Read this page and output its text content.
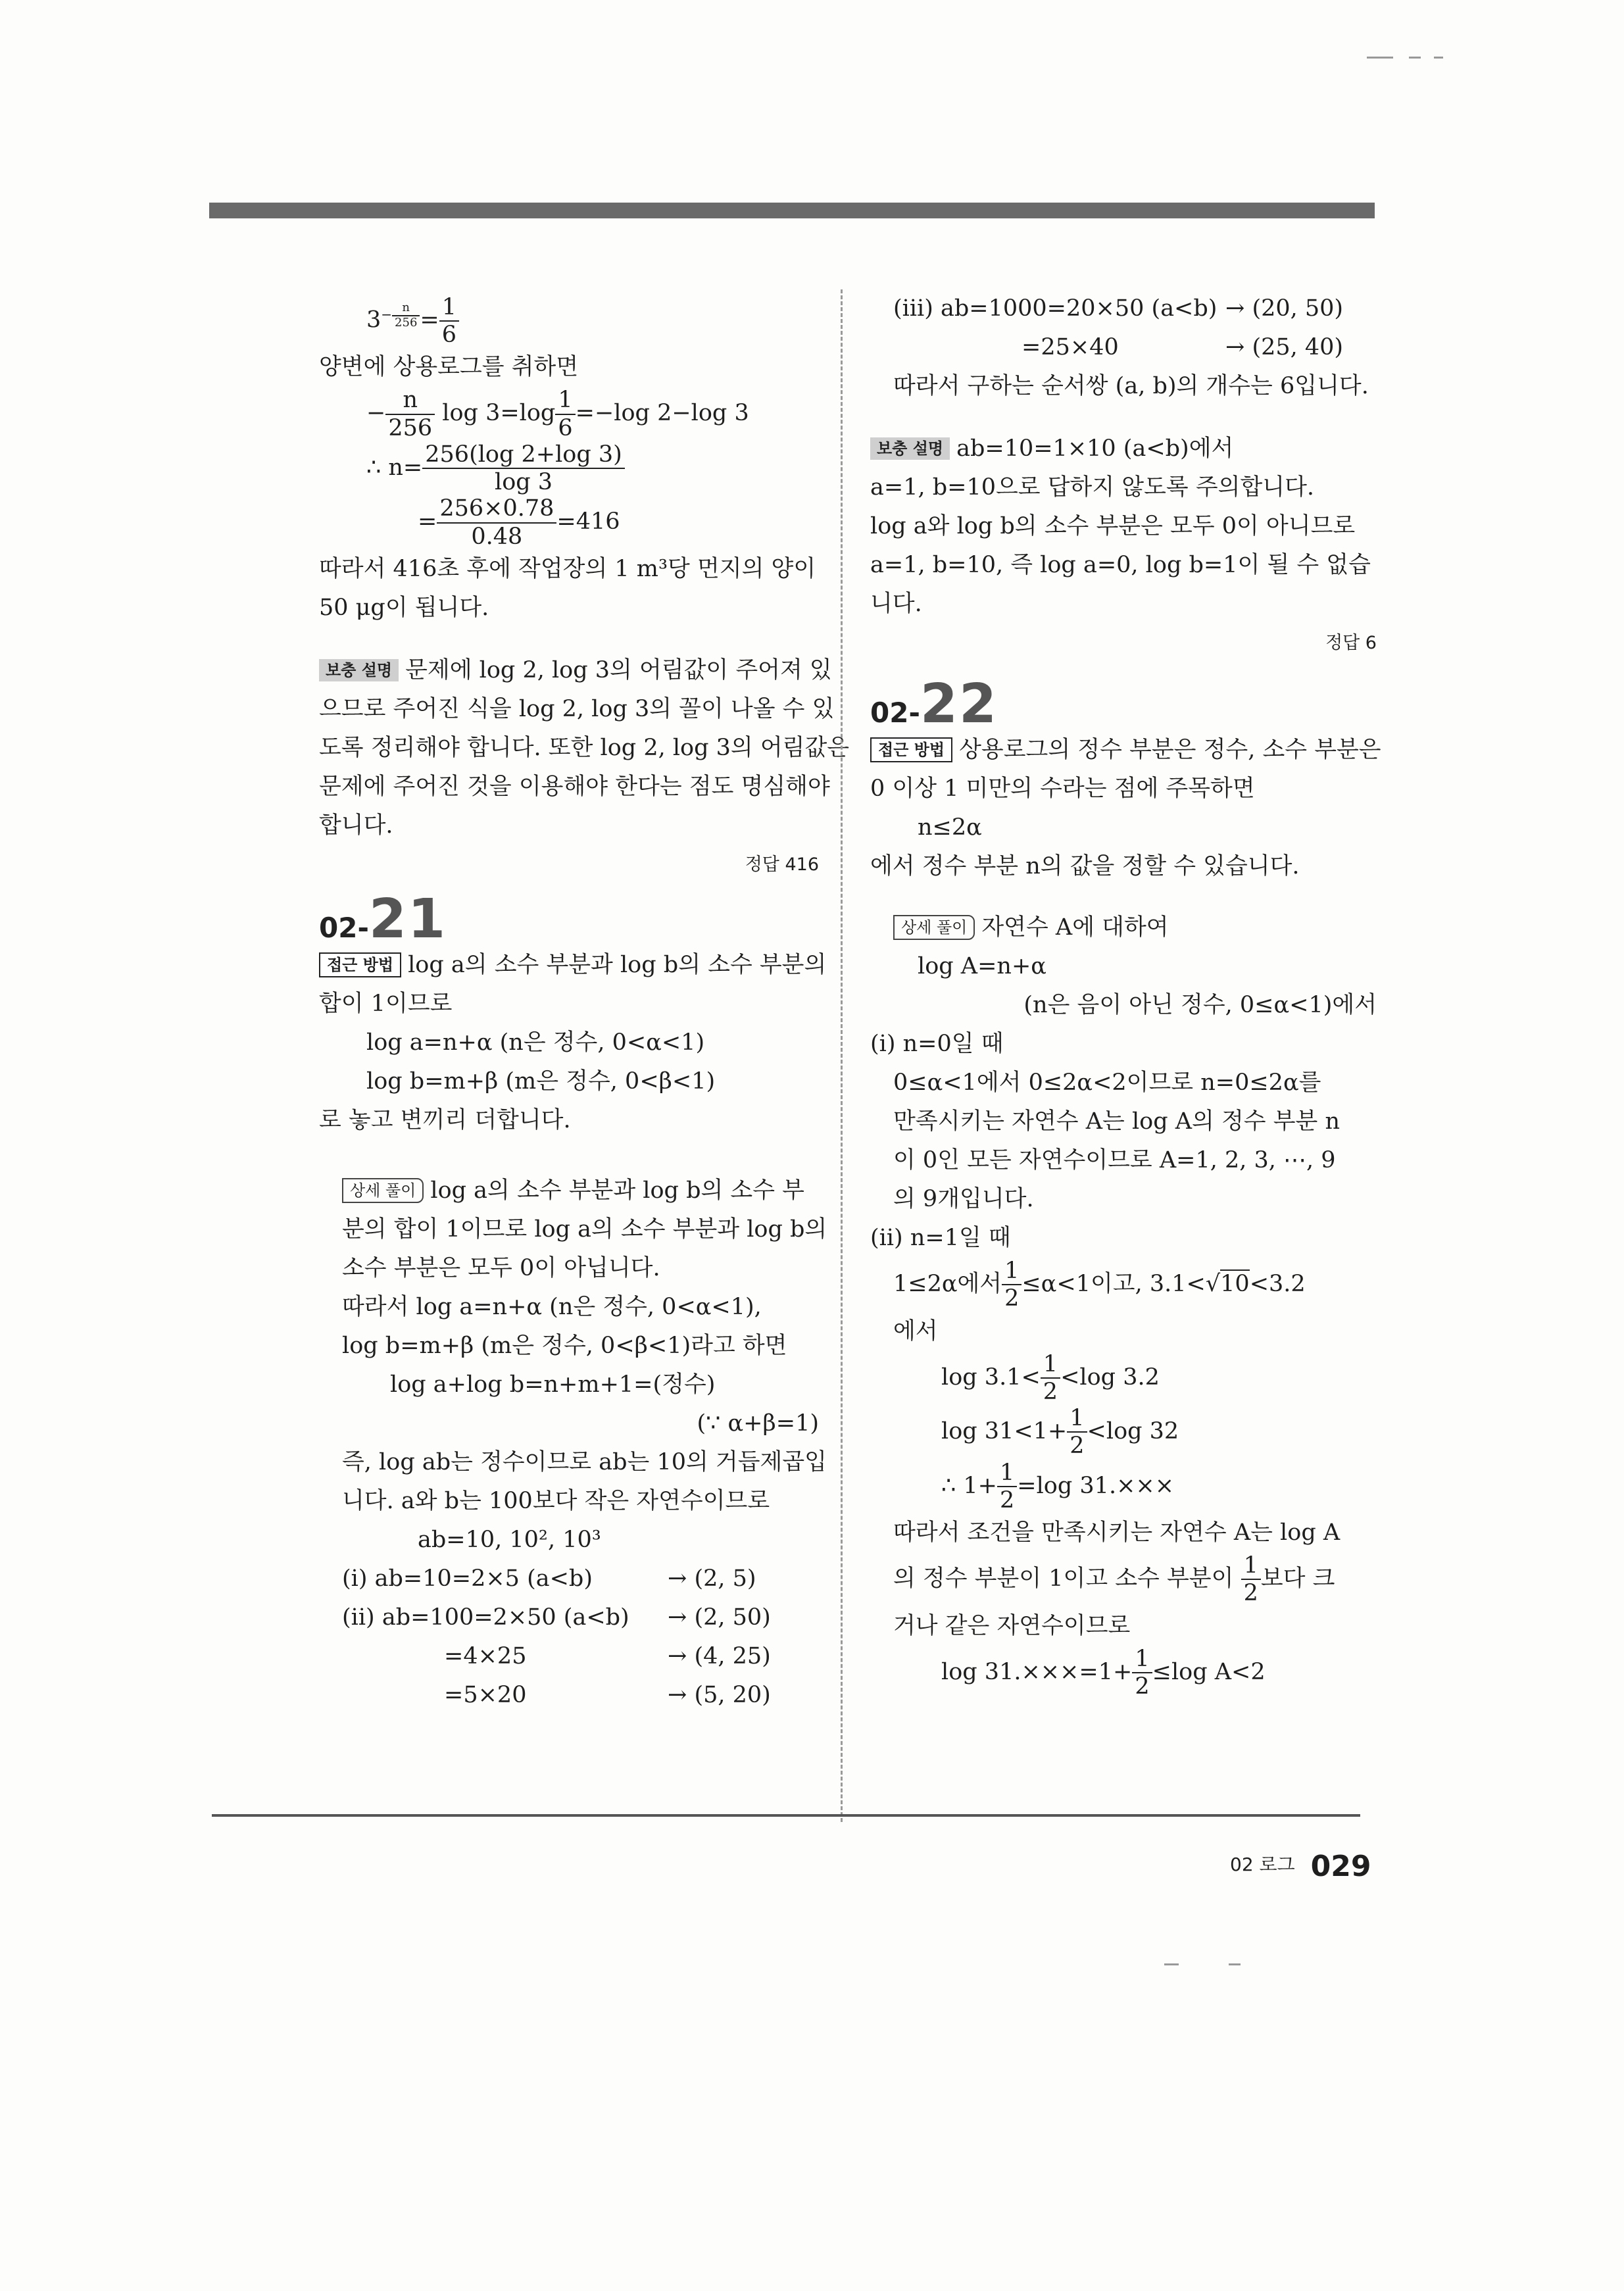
$3^{- \frac{n}{256}} = \frac{1}{6}$
양변에 상용로그를 취하면
− $\frac{n}{256}$ $\log 3=\log \frac{1}{6} =-\log$ 2−log 3
∴ $n= \frac{256(\log 2+\log 3)}{\log 3}$
= $\frac{256\times 0.78}{0.48} =416$
따라서 416초 후에 작업장의 1 m³당 먼지의 양이
50 μg이 됩니다.
보충 설명 문제에 log 2, log 3의 어림값이 주어져 있
으므로 주어진 식을 log 2, log 3의 꼴이 나올 수 있
도록 정리해야 합니다. 또한 log 2, log 3의 어림값은
문제에 주어진 것을 이용해야 한다는 점도 명심해야
합니다.
정답 416
02-21
접근 방법 log a의 소수 부분과 log b의 소수 부분의
합이 1이므로
log a=n+α (n은 정수, 0<α<1)
log b=m+β (m은 정수, 0<β<1)
로 놓고 변끼리 더합니다.
상세 풀이 log a의 소수 부분과 log b의 소수 부
분의 합이 1이므로 log a의 소수 부분과 log b의
소수 부분은 모두 0이 아닙니다.
따라서 log a=n+α (n은 정수, 0<α<1),
log b=m+β (m은 정수, 0<β<1)라고 하면
log a+log b=n+m+1=(정수)
(∵ α+β=1)
즉, log ab는 정수이므로 ab는 10의 거듭제곱입
니다. a와 b는 100보다 작은 자연수이므로
ab=10, 10², 10³
(ⅰ) ab=10=2×5 (a<b)	→ (2, 5)
(ⅱ) ab=100=2×50 (a<b) → (2, 50)
=4×25	→ (4, 25)
=5×20	→ (5, 20)
(ⅲ) ab=1000=20×50 (a<b) → (20, 50)
=25×40	→ (25, 40)
따라서 구하는 순서쌍 (a, b)의 개수는 6입니다.
보충 설명 ab=10=1×10 (a<b)에서
a=1, b=10으로 답하지 않도록 주의합니다.
log a와 log b의 소수 부분은 모두 0이 아니므로
a=1, b=10, 즉 log a=0, log b=1이 될 수 없습
니다.
정답 6
02-22
접근 방법 상용로그의 정수 부분은 정수, 소수 부분은
0 이상 1 미만의 수라는 점에 주목하면
n≤2α
에서 정수 부분 n의 값을 정할 수 있습니다.
상세 풀이 자연수 A에 대하여
log A=n+α
(n은 음이 아닌 정수, 0≤α<1)에서
(ⅰ) n=0일 때
0≤α<1에서 0≤2α<2이므로 n=0≤2α를
만족시키는 자연수 A는 log A의 정수 부분 n
이 0인 모든 자연수이므로 A=1, 2, 3, ⋯, 9
의 9개입니다.
(ⅱ) n=1일 때
1≤2α에서 $\frac{1}{2} \le\alpha<1$이고, 3.1<√10<3.2
에서
$\log 3.1< \frac{1}{2} <\log$ 3.2
$\log 31<1+ \frac{1}{2} <\log$ 32
∴ $1+ \frac{1}{2} =\log$ 31.×××
따라서 조건을 만족시키는 자연수 A는 log A
의 정수 부분이 1이고 소수 부분이 $\frac{1}{2}$ 보다 크
거나 같은 자연수이므로
$\log 31.\times\times\times=1+ \frac{1}{2} \le\log$ A<2
02 로그 029
